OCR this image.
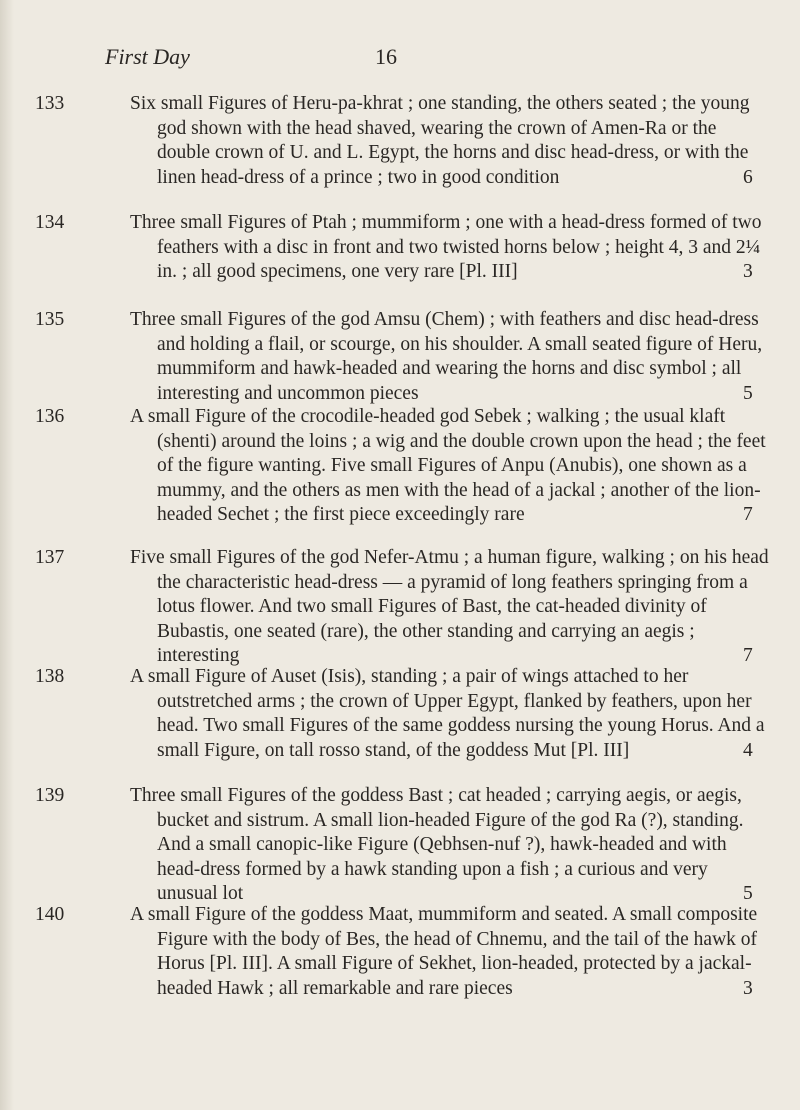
First Day	16
133	Six small Figures of Heru-pa-khrat ; one standing, the others seated ; the young god shown with the head shaved, wearing the crown of Amen-Ra or the double crown of U. and L. Egypt, the horns and disc head-dress, or with the linen head-dress of a prince ; two in good condition	6

134	Three small Figures of Ptah ; mummiform ; one with a head-dress formed of two feathers with a disc in front and two twisted horns below ; height 4, 3 and 2¼ in. ; all good specimens, one very rare [Pl. III]	3

135	Three small Figures of the god Amsu (Chem) ; with feathers and disc head-dress and holding a flail, or scourge, on his shoulder. A small seated figure of Heru, mummiform and hawk-headed and wearing the horns and disc symbol ; all interesting and uncommon pieces	5

136	A small Figure of the crocodile-headed god Sebek ; walking ; the usual klaft (shenti) around the loins ; a wig and the double crown upon the head ; the feet of the figure wanting. Five small Figures of Anpu (Anubis), one shown as a mummy, and the others as men with the head of a jackal ; another of the lion-headed Sechet ; the first piece exceedingly rare	7

137	Five small Figures of the god Nefer-Atmu ; a human figure, walking ; on his head the characteristic head-dress — a pyramid of long feathers springing from a lotus flower. And two small Figures of Bast, the cat-headed divinity of Bubastis, one seated (rare), the other standing and carrying an aegis ; interesting	7

138	A small Figure of Auset (Isis), standing ; a pair of wings attached to her outstretched arms ; the crown of Upper Egypt, flanked by feathers, upon her head. Two small Figures of the same goddess nursing the young Horus. And a small Figure, on tall rosso stand, of the goddess Mut [Pl. III]	4

139	Three small Figures of the goddess Bast ; cat headed ; carrying aegis, or aegis, bucket and sistrum. A small lion-headed Figure of the god Ra (?), standing. And a small canopic-like Figure (Qebhsen-nuf ?), hawk-headed and with head-dress formed by a hawk standing upon a fish ; a curious and very unusual lot	5

140	A small Figure of the goddess Maat, mummiform and seated. A small composite Figure with the body of Bes, the head of Chnemu, and the tail of the hawk of Horus [Pl. III]. A small Figure of Sekhet, lion-headed, protected by a jackal-headed Hawk ; all remarkable and rare pieces	3
